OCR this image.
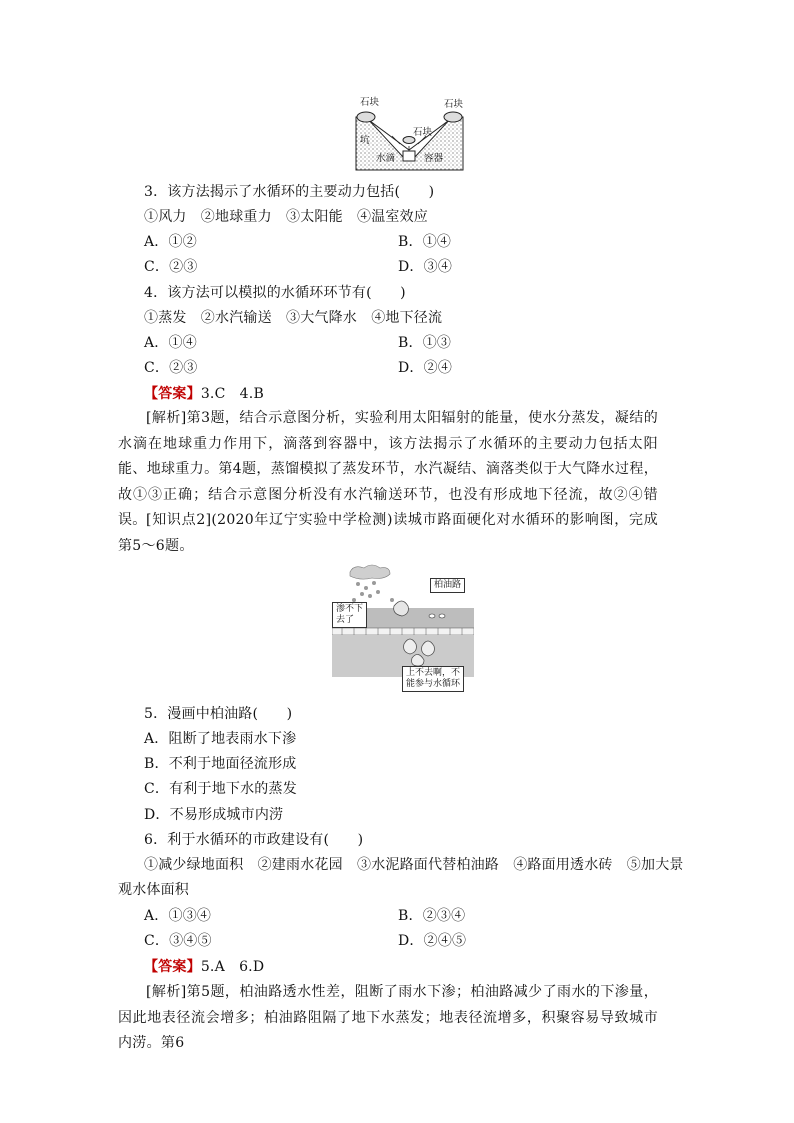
石块	石块
石块
坑
水滴	容器
3．该方法揭示了水循环的主要动力包括(　　)
①风力　②地球重力　③太阳能　④温室效应
A．①②	B．①④
C．②③	D．③④
4．该方法可以模拟的水循环环节有(　　)
①蒸发　②水汽输送　③大气降水　④地下径流
A．①④	B．①③
C．②③	D．②④
【答案】3.C　4.B
[解析]第3题，结合示意图分析，实验利用太阳辐射的能量，使水分蒸发，凝结的水滴在地球重力作用下，滴落到容器中，该方法揭示了水循环的主要动力包括太阳能、地球重力。第4题，蒸馏模拟了蒸发环节，水汽凝结、滴落类似于大气降水过程，故①③正确；结合示意图分析没有水汽输送环节，也没有形成地下径流，故②④错误。 [知识点2](2020年辽宁实验中学检测)读城市路面硬化对水循环的影响图，完成第5～6题。
柏油路
渗不下
去了
上不去啊，不
能参与水循环
5．漫画中柏油路(　　)
A．阻断了地表雨水下渗
B．不利于地面径流形成
C．有利于地下水的蒸发
D．不易形成城市内涝
6．利于水循环的市政建设有(　　)
①减少绿地面积　②建雨水花园　③水泥路面代替柏油路　④路面用透水砖　⑤加大景
观水体面积
A．①③④	B．②③④
C．③④⑤	D．②④⑤
【答案】5.A　6.D
[解析]第5题，柏油路透水性差，阻断了雨水下渗；柏油路减少了雨水的下渗量，因此地表径流会增多；柏油路阻隔了地下水蒸发；地表径流增多，积聚容易导致城市内涝。第6
